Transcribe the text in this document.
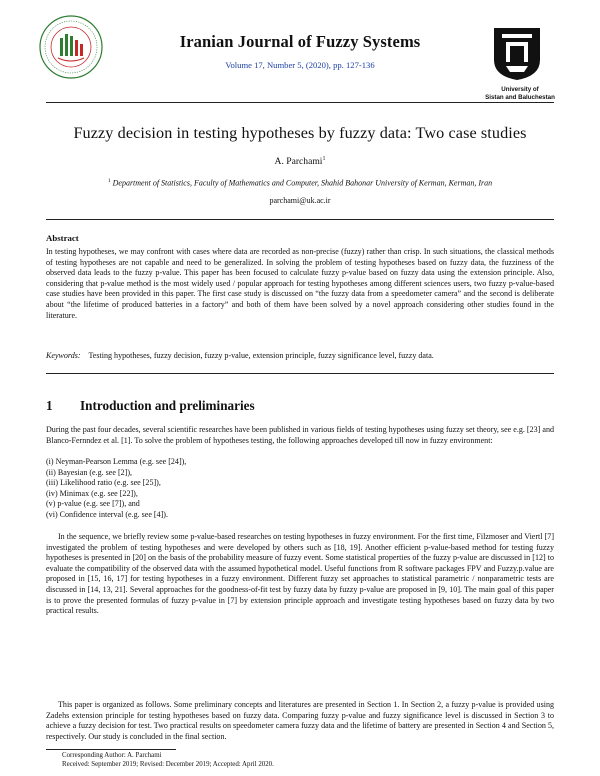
University of
Sistan and Baluchestan
Iranian Journal of Fuzzy Systems
Volume 17, Number 5, (2020), pp. 127-136
Fuzzy decision in testing hypotheses by fuzzy data: Two case studies
A. Parchami$^1$
$^1$ Department of Statistics, Faculty of Mathematics and Computer, Shahid Bahonar University of Kerman, Kerman, Iran
parchami@uk.ac.ir
Abstract
In testing hypotheses, we may confront with cases where data are recorded as non-precise (fuzzy) rather than crisp. In such situations, the classical methods of testing hypotheses are not capable and need to be generalized. In solving the problem of testing hypotheses based on fuzzy data, the fuzziness of the observed data leads to the fuzzy p-value. This paper has been focused to calculate fuzzy p-value based on fuzzy data using the extension principle. Also, considering that p-value method is the most widely used / popular approach for testing hypotheses among different sciences users, two fuzzy p-value-based case studies have been provided in this paper. The first case study is discussed on “the fuzzy data from a speedometer camera” and the second is deliberate about “the lifetime of produced batteries in a factory” and both of them have been solved by a novel approach considering other studies found in the literature.
Keywords: Testing hypotheses, fuzzy decision, fuzzy p-value, extension principle, fuzzy significance level, fuzzy data.
1 Introduction and preliminaries
During the past four decades, several scientific researches have been published in various fields of testing hypotheses using fuzzy set theory, see e.g. [23] and Blanco-Fernndez et al. [1]. To solve the problem of hypotheses testing, the following approaches developed till now in fuzzy environment:
(i) Neyman-Pearson Lemma (e.g. see [24]),
(ii) Bayesian (e.g. see [2]),
(iii) Likelihood ratio (e.g. see [25]),
(iv) Minimax (e.g. see [22]),
(v) p-value (e.g. see [7]), and
(vi) Confidence interval (e.g. see [4]).
In the sequence, we briefly review some p-value-based researches on testing hypotheses in fuzzy environment. For the first time, Filzmoser and Viertl [7] investigated the problem of testing hypotheses and were developed by others such as [18, 19]. Another efficient p-value-based method for testing fuzzy hypotheses is presented in [20] on the basis of the probability measure of fuzzy event. Some statistical properties of the fuzzy p-value are discussed in [12] to evaluate the compatibility of the observed data with the assumed hypothetical model. Useful functions from R software packages FPV and Fuzzy.p.value are proposed in [15, 16, 17] for testing hypotheses in a fuzzy environment. Different fuzzy set approaches to statistical parametric / nonparametric tests are discussed in [14, 13, 21]. Several approaches for the goodness-of-fit test by fuzzy data by fuzzy p-value are proposed in [9, 10]. The main goal of this paper is to prove the presented formulas of fuzzy p-value in [7] by extension principle approach and investigate testing hypotheses based on fuzzy data by two practical results.
This paper is organized as follows. Some preliminary concepts and literatures are presented in Section 1. In Section 2, a fuzzy p-value is provided using Zadehs extension principle for testing hypotheses based on fuzzy data. Comparing fuzzy p-value and fuzzy significance level is discussed in Section 3 to achieve a fuzzy decision for test. Two practical results on speedometer camera fuzzy data and the lifetime of battery are presented in Section 4 and Section 5, respectively. Our study is concluded in the final section.
Corresponding Author: A. Parchami
Received: September 2019; Revised: December 2019; Accepted: April 2020.
